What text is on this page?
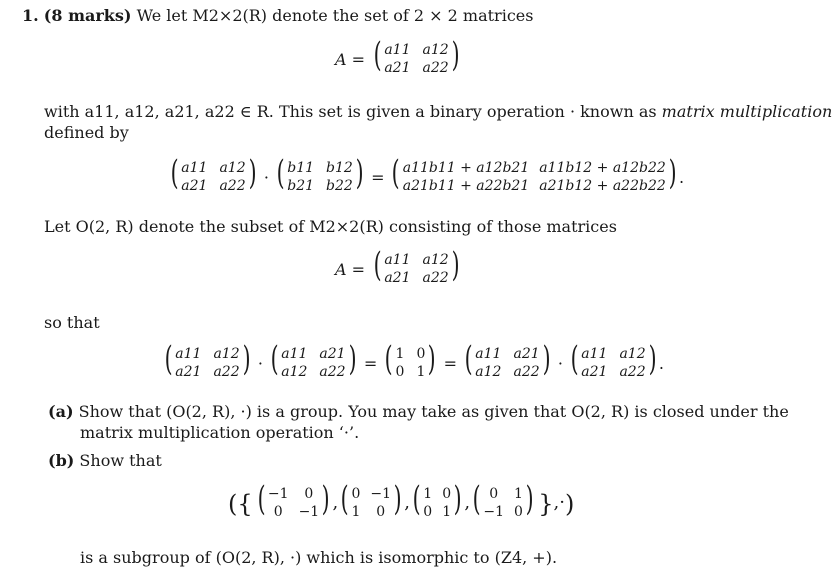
1. (8 marks) We let M2×2(R) denote the set of 2 × 2 matrices
A = ( a11 a12
a21 a22 )
with a11, a12, a21, a22 ∈ R. This set is given a binary operation · known as matrix multiplication
defined by
( a11 a12
a21 a22 ) · ( b11 b12
b21 b22 ) = ( a11b11 + a12b21 a11b12 + a12b22
a21b11 + a22b21 a21b12 + a22b22 ) .
Let O(2, R) denote the subset of M2×2(R) consisting of those matrices
A = ( a11 a12
a21 a22 )
so that
( a11 a12
a21 a22 ) · ( a11 a21
a12 a22 ) = ( 1 0
0 1 ) = ( a11 a21
a12 a22 ) · ( a11 a12
a21 a22 ) .
(a) Show that (O(2, R), ·) is a group. You may take as given that O(2, R) is closed under the
matrix multiplication operation ‘·’.
(b) Show that
( { ( −1	0
0	−1 ) , ( 0 −1
1	0 ) , ( 1 0
0 1 ) , ( 0	1
−1 0 ) } ,· )
is a subgroup of (O(2, R), ·) which is isomorphic to (Z4, +).
